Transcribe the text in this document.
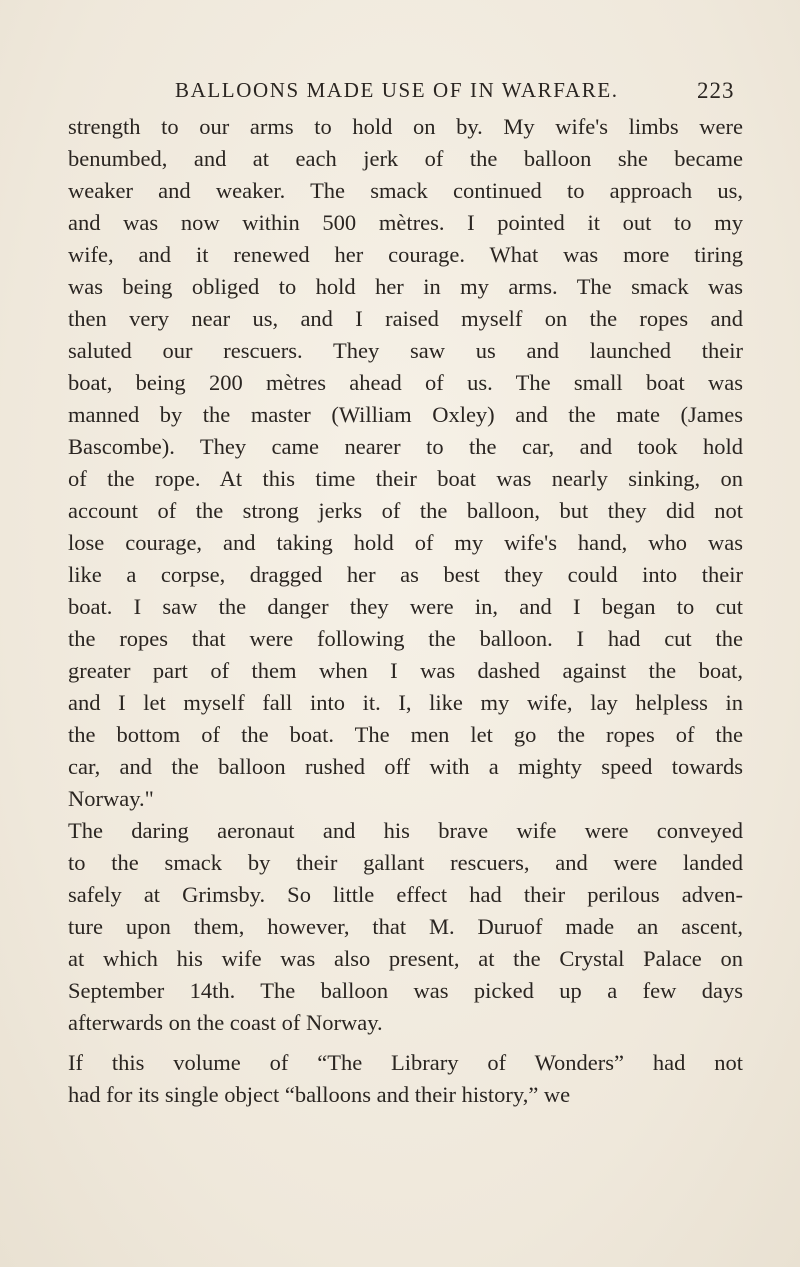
BALLOONS MADE USE OF IN WARFARE.	223
strength to our arms to hold on by. My wife's limbs were
benumbed, and at each jerk of the balloon she became
weaker and weaker. The smack continued to approach us,
and was now within 500 mètres. I pointed it out to my
wife, and it renewed her courage. What was more tiring
was being obliged to hold her in my arms. The smack was
then very near us, and I raised myself on the ropes and
saluted our rescuers. They saw us and launched their
boat, being 200 mètres ahead of us. The small boat was
manned by the master (William Oxley) and the mate (James
Bascombe). They came nearer to the car, and took hold
of the rope. At this time their boat was nearly sinking, on
account of the strong jerks of the balloon, but they did not
lose courage, and taking hold of my wife's hand, who was
like a corpse, dragged her as best they could into their
boat. I saw the danger they were in, and I began to cut
the ropes that were following the balloon. I had cut the
greater part of them when I was dashed against the boat,
and I let myself fall into it. I, like my wife, lay helpless in
the bottom of the boat. The men let go the ropes of the
car, and the balloon rushed off with a mighty speed towards
Norway."
The daring aeronaut and his brave wife were conveyed
to the smack by their gallant rescuers, and were landed
safely at Grimsby. So little effect had their perilous adven-
ture upon them, however, that M. Duruof made an ascent,
at which his wife was also present, at the Crystal Palace on
September 14th. The balloon was picked up a few days
afterwards on the coast of Norway.
If this volume of “The Library of Wonders” had not
had for its single object “balloons and their history,” we
